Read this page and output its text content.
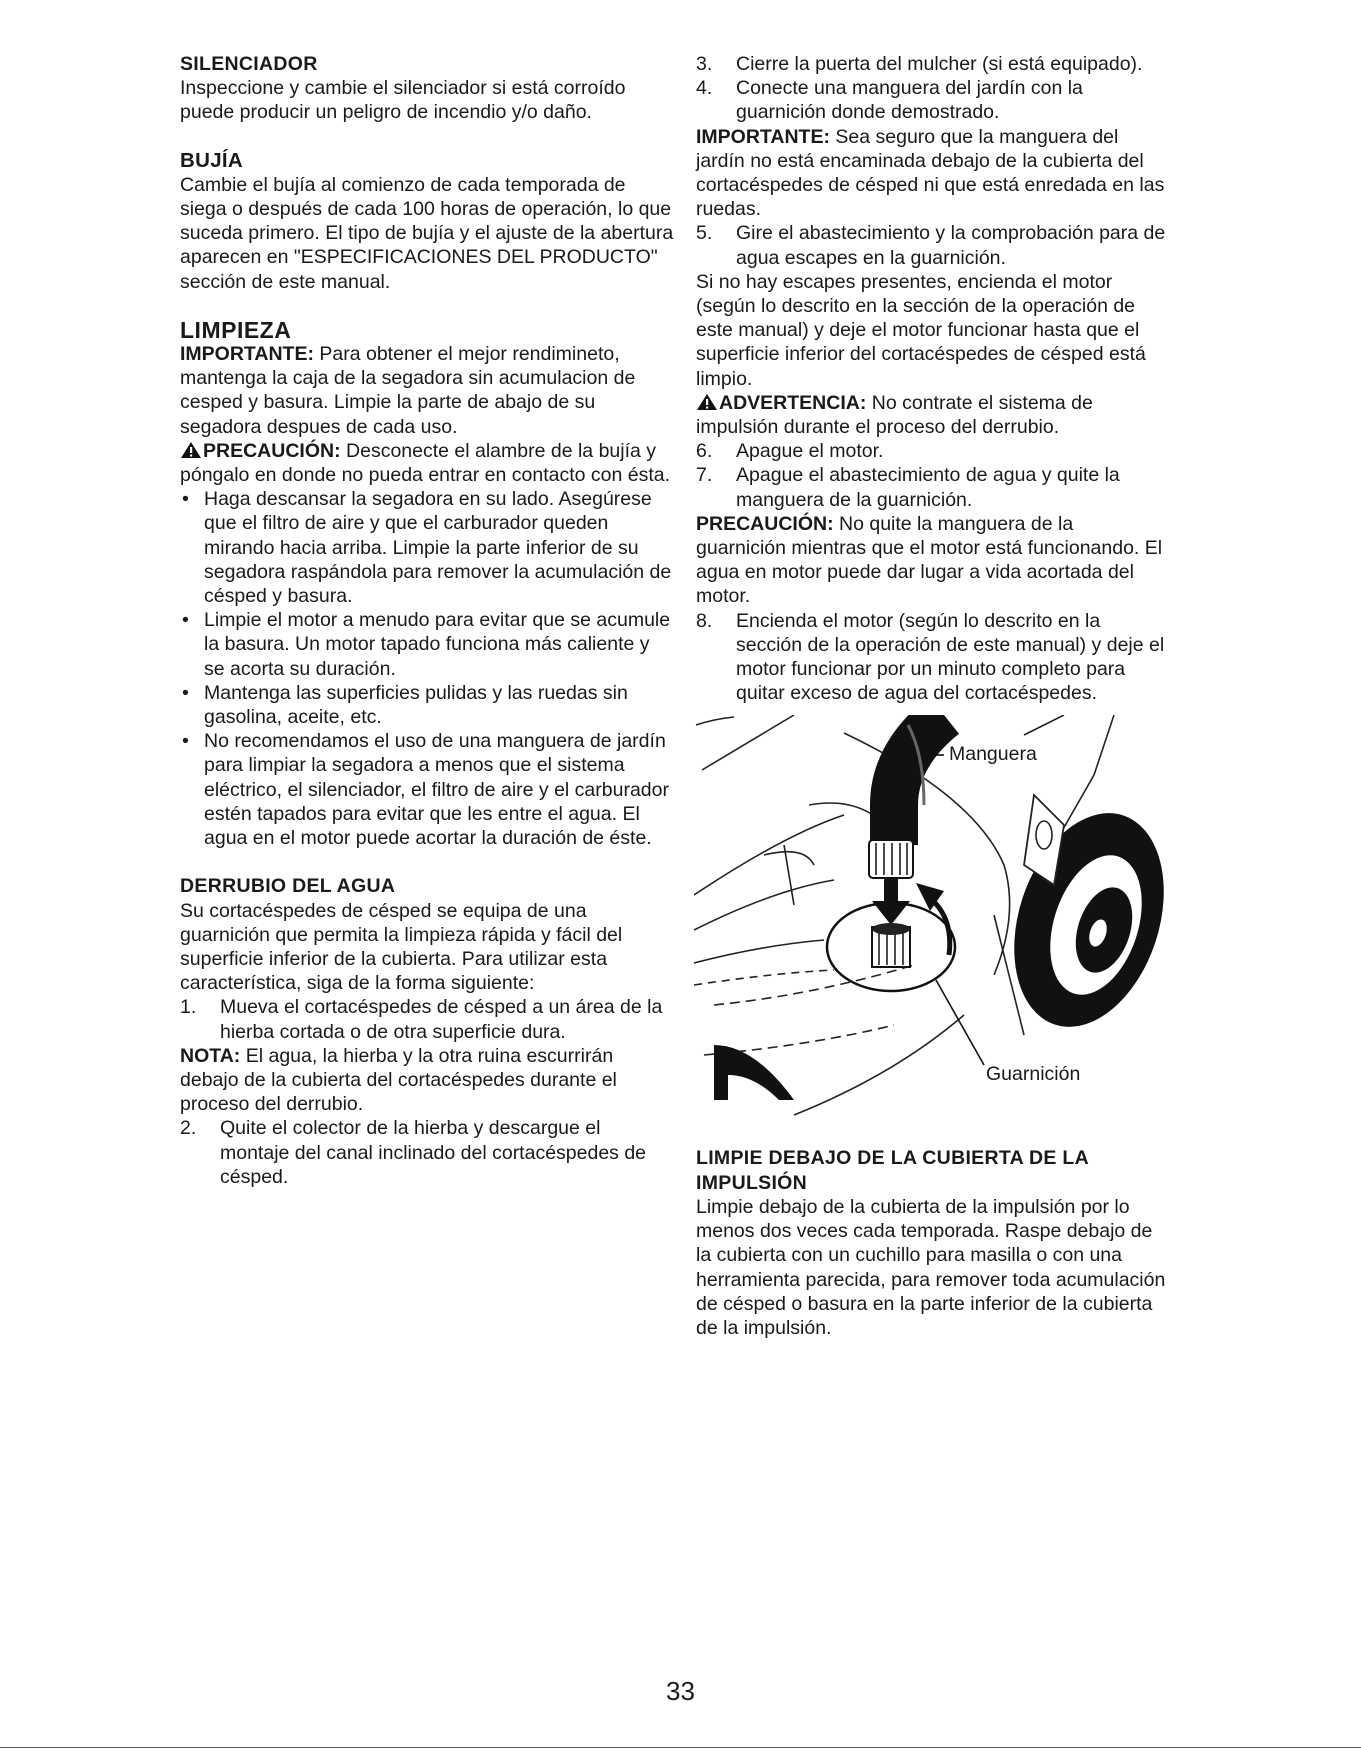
SILENCIADOR

Inspeccione y cambie el silenciador si está corroído puede producir un peligro de incendio y/o daño.

BUJÍA

Cambie el bujía al comienzo de cada temporada de siega o después de cada 100 horas de operación, lo que suceda primero. El tipo de bujía y el ajuste de la abertura aparecen en "ESPECIFICACIONES DEL PRODUCTO" sección de este manual.

LIMPIEZA

IMPORTANTE: Para obtener el mejor rendimineto, mantenga la caja de la segadora sin acumulacion de cesped y basura. Limpie la parte de abajo de su segadora despues de cada uso.

PRECAUCIÓN: Desconecte el alambre de la bujía y póngalo en donde no pueda entrar en contacto con ésta.

• Haga descansar la segadora en su lado. Asegúrese que el filtro de aire y que el carburador queden mirando hacia arriba. Limpie la parte inferior de su segadora raspándola para remover la acumulación de césped y basura.
• Limpie el motor a menudo para evitar que se acumule la basura. Un motor tapado funciona más caliente y se acorta su duración.
• Mantenga las superficies pulidas y las ruedas sin gasolina, aceite, etc.
• No recomendamos el uso de una manguera de jardín para limpiar la segadora a menos que el sistema eléctrico, el silenciador, el filtro de aire y el carburador estén tapados para evitar que les entre el agua. El agua en el motor puede acortar la duración de éste.
DERRUBIO DEL AGUA

Su cortacéspedes de césped se equipa de una guarnición que permita la limpieza rápida y fácil del superficie inferior de la cubierta. Para utilizar esta característica, siga de la forma siguiente:

1. Mueva el cortacéspedes de césped a un área de la hierba cortada o de otra superficie dura.

NOTA: El agua, la hierba y la otra ruina escurrirán debajo de la cubierta del cortacéspedes durante el proceso del derrubio.

2. Quite el colector de la hierba y descargue el montaje del canal inclinado del cortacéspedes de césped.
3. Cierre la puerta del mulcher (si está equipado).
4. Conecte una manguera del jardín con la guarnición donde demostrado.

IMPORTANTE: Sea seguro que la manguera del jardín no está encaminada debajo de la cubierta del cortacéspedes de césped ni que está enredada en las ruedas.

5. Gire el abastecimiento y la comprobación para de agua escapes en la guarnición.

Si no hay escapes presentes, encienda el motor (según lo descrito en la sección de la operación de este manual) y deje el motor funcionar hasta que el superficie inferior del cortacéspedes de césped está limpio.

ADVERTENCIA: No contrate el sistema de impulsión durante el proceso del derrubio.

6. Apague el motor.
7. Apague el abastecimiento de agua y quite la manguera de la guarnición.

PRECAUCIÓN: No quite la manguera de la guarnición mientras que el motor está funcionando. El agua en motor puede dar lugar a vida acortada del motor.

8. Encienda el motor (según lo descrito en la sección de la operación de este manual) y deje el motor funcionar por un minuto completo para quitar exceso de agua del cortacéspedes.
Manguera
Guarnición
LIMPIE DEBAJO DE LA CUBIERTA DE LA IMPULSIÓN

Limpie debajo de la cubierta de la impulsión por lo menos dos veces cada temporada. Raspe debajo de la cubierta con un cuchillo para masilla o con una herramienta parecida, para remover toda acumulación de césped o basura en la parte inferior de la cubierta de la impulsión.

33
